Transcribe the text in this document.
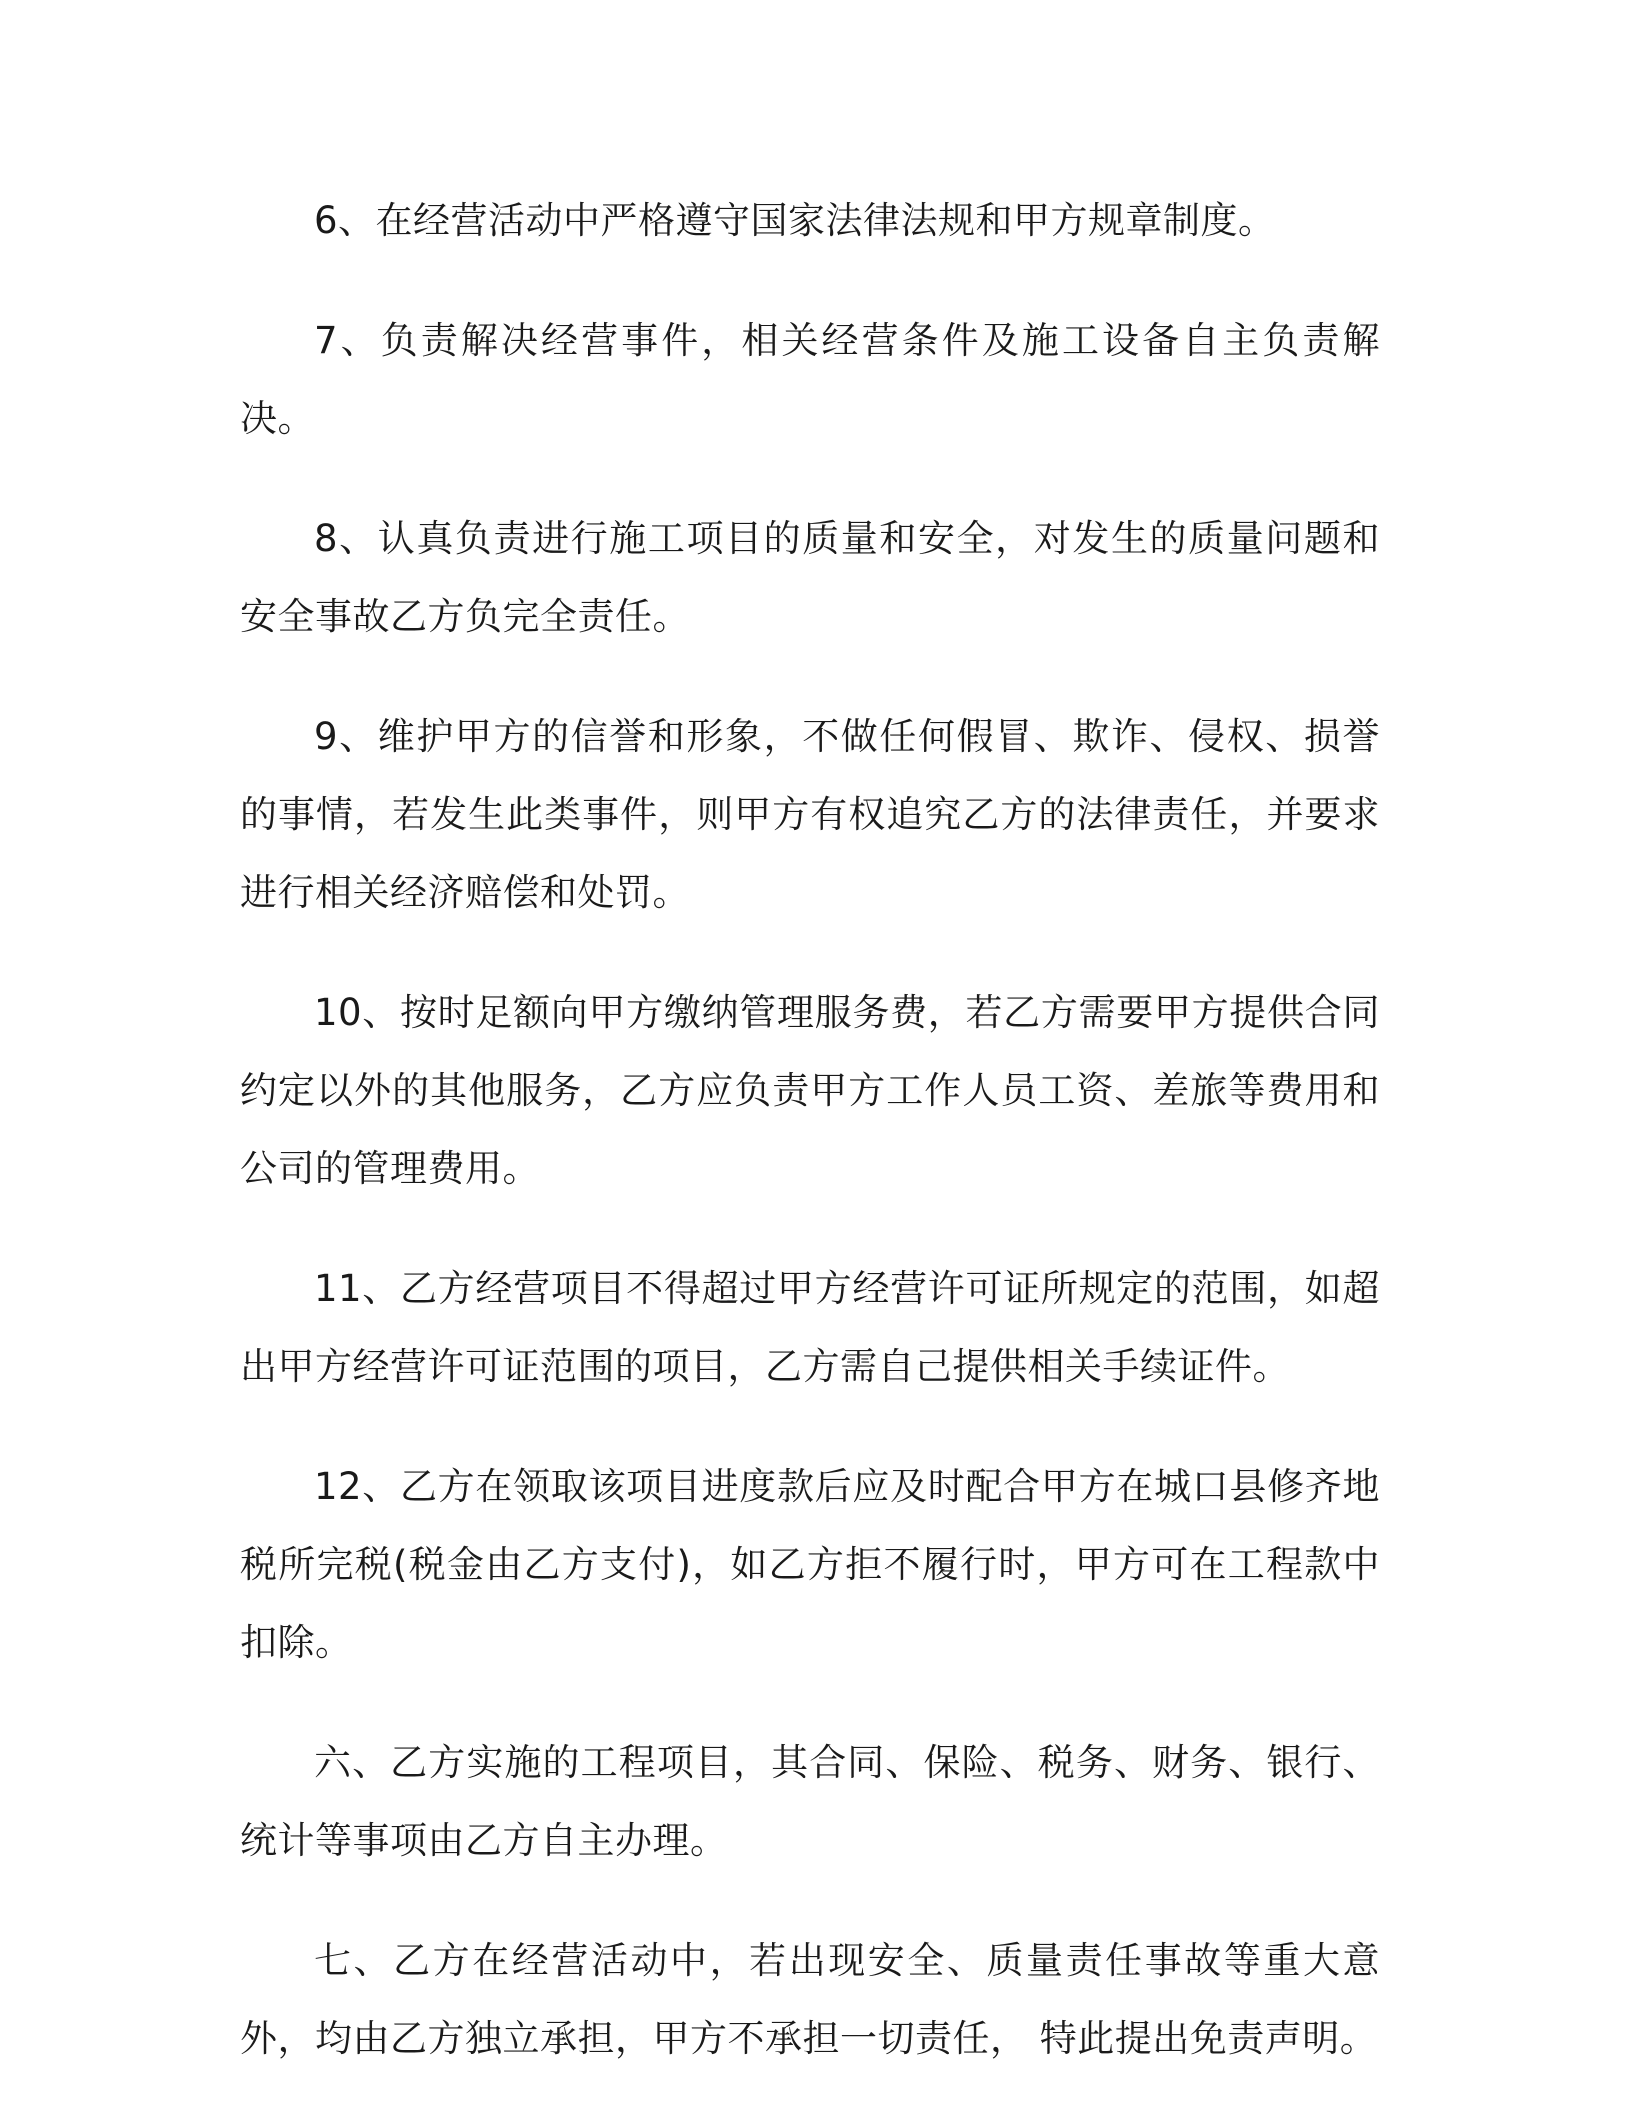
6、在经营活动中严格遵守国家法律法规和甲方规章制度。

7、负责解决经营事件，相关经营条件及施工设备自主负责解决。

8、认真负责进行施工项目的质量和安全，对发生的质量问题和安全事故乙方负完全责任。

9、维护甲方的信誉和形象，不做任何假冒、欺诈、侵权、损誉的事情，若发生此类事件，则甲方有权追究乙方的法律责任，并要求进行相关经济赔偿和处罚。

10、按时足额向甲方缴纳管理服务费，若乙方需要甲方提供合同约定以外的其他服务，乙方应负责甲方工作人员工资、差旅等费用和公司的管理费用。

11、乙方经营项目不得超过甲方经营许可证所规定的范围，如超出甲方经营许可证范围的项目，乙方需自己提供相关手续证件。

12、乙方在领取该项目进度款后应及时配合甲方在城口县修齐地税所完税(税金由乙方支付)，如乙方拒不履行时，甲方可在工程款中扣除。

六、乙方实施的工程项目，其合同、保险、税务、财务、银行、统计等事项由乙方自主办理。

七、乙方在经营活动中，若出现安全、质量责任事故等重大意外，均由乙方独立承担，甲方不承担一切责任， 特此提出免责声明。
